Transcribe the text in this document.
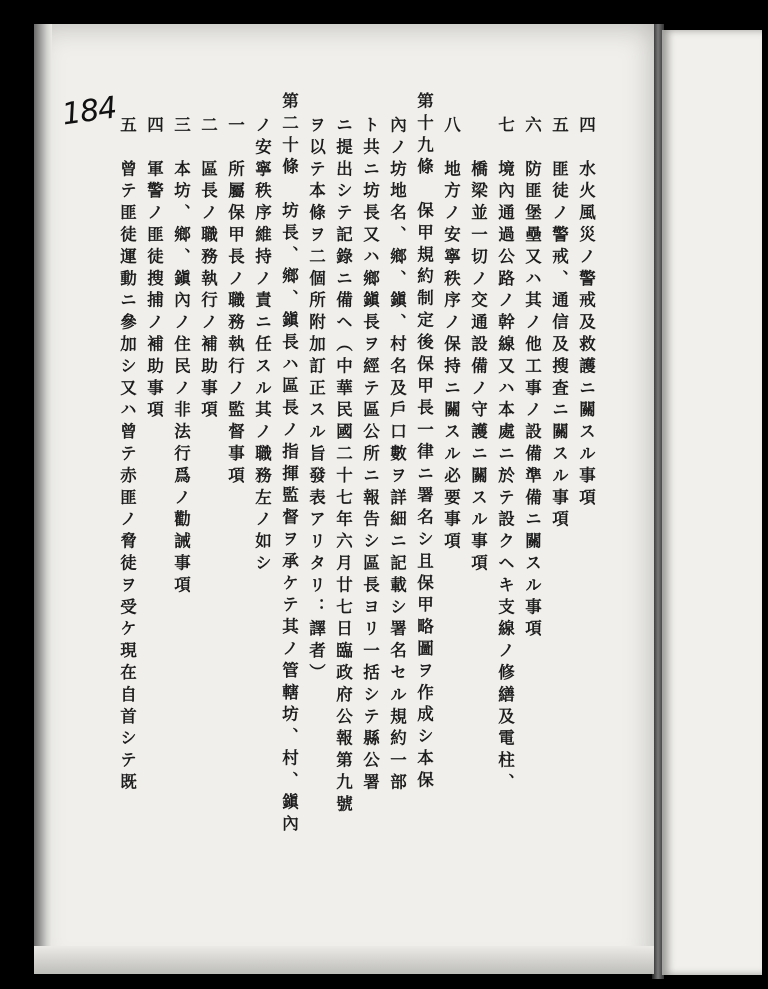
184
四　水火風災ノ警戒及救護ニ關スル事項
五　匪徒ノ警戒、通信及搜査ニ關スル事項
六　防匪堡壘又ハ其ノ他工事ノ設備準備ニ關スル事項
七　境內通過公路ノ幹線又ハ本處ニ於テ設クヘキ支線ノ修繕及電柱、
　　橋梁並一切ノ交通設備ノ守護ニ關スル事項
八　地方ノ安寧秩序ノ保持ニ關スル必要事項
第十九條　保甲規約制定後保甲長一律ニ署名シ且保甲略圖ヲ作成シ本保
內ノ坊地名、鄉、鎭、村名及戶口數ヲ詳細ニ記載シ署名セル規約一部
ト共ニ坊長又ハ鄉鎭長ヲ經テ區公所ニ報告シ區長ヨリ一括シテ縣公署
ニ提出シテ記錄ニ備ヘ（中華民國二十七年六月廿七日臨政府公報第九號
ヲ以テ本條ヲ二個所附加訂正スル旨發表アリタリ：譯者）
第二十條　坊長、鄉、鎭長ハ區長ノ指揮監督ヲ承ケテ其ノ管轄坊、村、鎭內
ノ安寧秩序維持ノ責ニ任スル其ノ職務左ノ如シ
一　所屬保甲長ノ職務執行ノ監督事項
二　區長ノ職務執行ノ補助事項
三　本坊、鄉、鎭內ノ住民ノ非法行爲ノ勸誡事項
四　軍警ノ匪徒搜捕ノ補助事項
五　曾テ匪徒運動ニ參加シ又ハ曾テ赤匪ノ脅徒ヲ受ケ現在自首シテ既
